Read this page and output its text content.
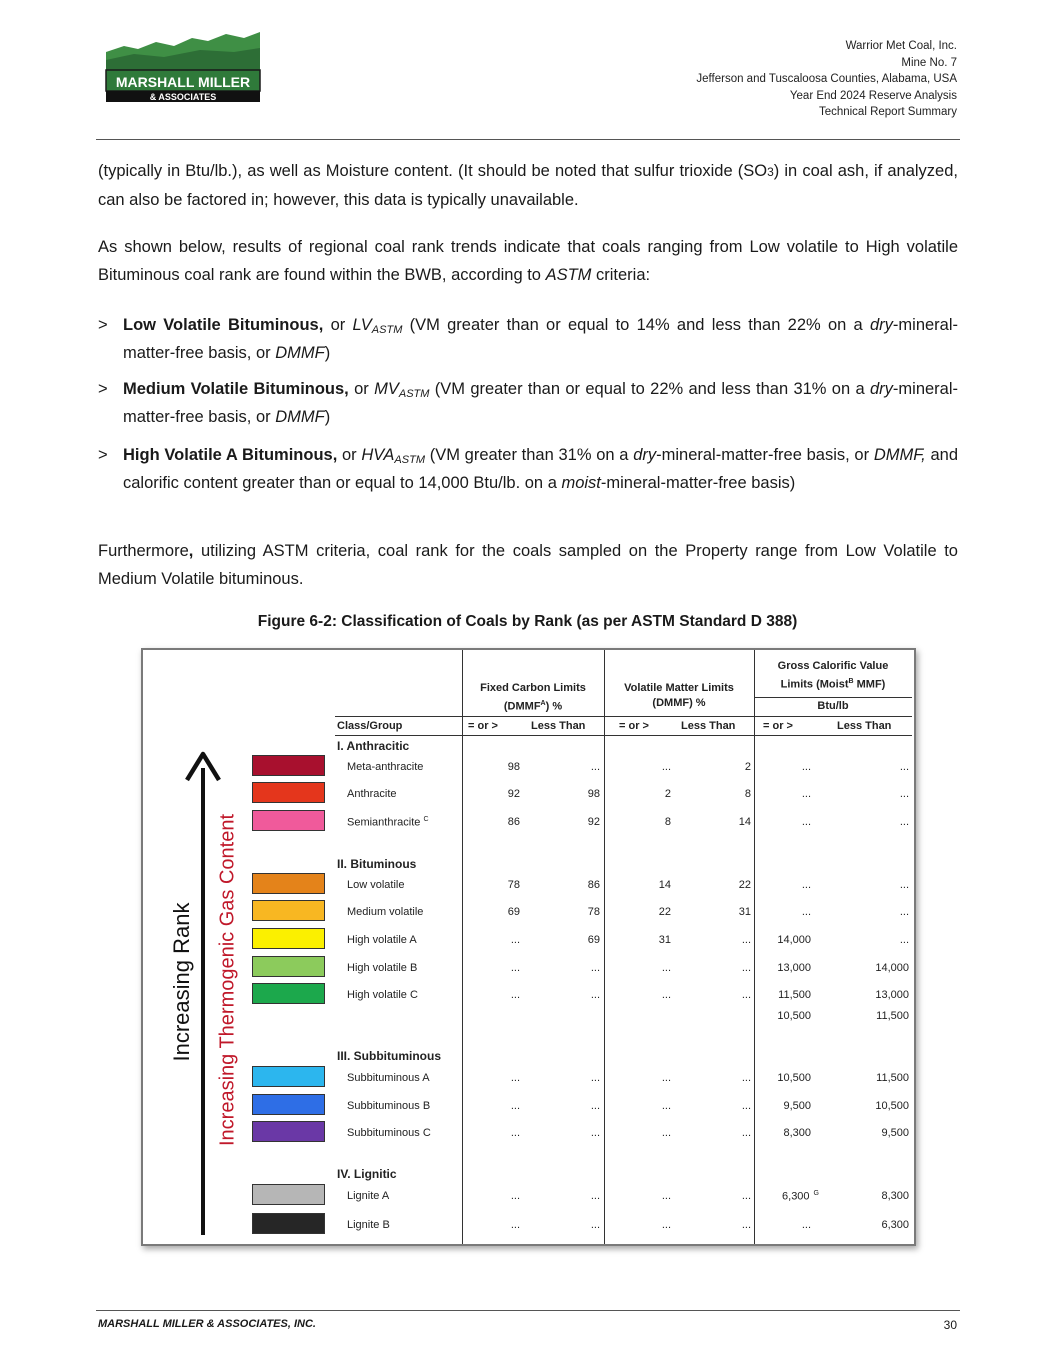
MARSHALL MILLER
& ASSOCIATES
Warrior Met Coal, Inc.
Mine No. 7
Jefferson and Tuscaloosa Counties, Alabama, USA
Year End 2024 Reserve Analysis
Technical Report Summary

(typically in Btu/lb.), as well as Moisture content. (It should be noted that sulfur trioxide (SO3) in coal ash, if analyzed, can also be factored in; however, this data is typically unavailable.

As shown below, results of regional coal rank trends indicate that coals ranging from Low volatile to High volatile Bituminous coal rank are found within the BWB, according to ASTM criteria:

> Low Volatile Bituminous, or $LV_{ASTM}$ (VM greater than or equal to 14% and less than 22% on a dry-mineral-matter-free basis, or DMMF)
> Medium Volatile Bituminous, or $MV_{ASTM}$ (VM greater than or equal to 22% and less than 31% on a dry-mineral-matter-free basis, or DMMF)
> High Volatile A Bituminous, or $HVA_{ASTM}$ (VM greater than 31% on a dry-mineral-matter-free basis, or DMMF, and calorific content greater than or equal to 14,000 Btu/lb. on a moist-mineral-matter-free basis)

Furthermore, utilizing ASTM criteria, coal rank for the coals sampled on the Property range from Low Volatile to Medium Volatile bituminous.

Figure 6-2: Classification of Coals by Rank (as per ASTM Standard D 388)
Increasing Rank Increasing Thermogenic Gas Content
Fixed Carbon Limits
$(DMMF^A)$ %
Volatile Matter Limits
(DMMF) %
Gross Calorific Value
Limits (Moist$^B$ MMF)
Btu/lb
Class/Group	= or >	Less Than	= or >	Less Than	= or >	Less Than
I. Anthracitic
II. Bituminous
III. Subbituminous
IV. Lignitic
Meta-anthracite	98	...	...	2	...	...
Anthracite	92	98	2	8	...	...
Semianthracite $^C$	86	92	8	14	...	...
Low volatile	78	86	14	22	...	...
Medium volatile	69	78	22	31	...	...
High volatile A	...	69	31	...	14,000	...
High volatile B	...	...	...	...	13,000	14,000
High volatile C	...	...	...	...	11,500	13,000
10,500	11,500
Subbituminous A	...	...	...	...	10,500	11,500
Subbituminous B	...	...	...	...	9,500	10,500
Subbituminous C	...	...	...	...	8,300	9,500
Lignite A	...	...	...	...	6,300 $^G$	8,300
Lignite B	...	...	...	...	...	6,300
MARSHALL MILLER & ASSOCIATES, INC.	30
